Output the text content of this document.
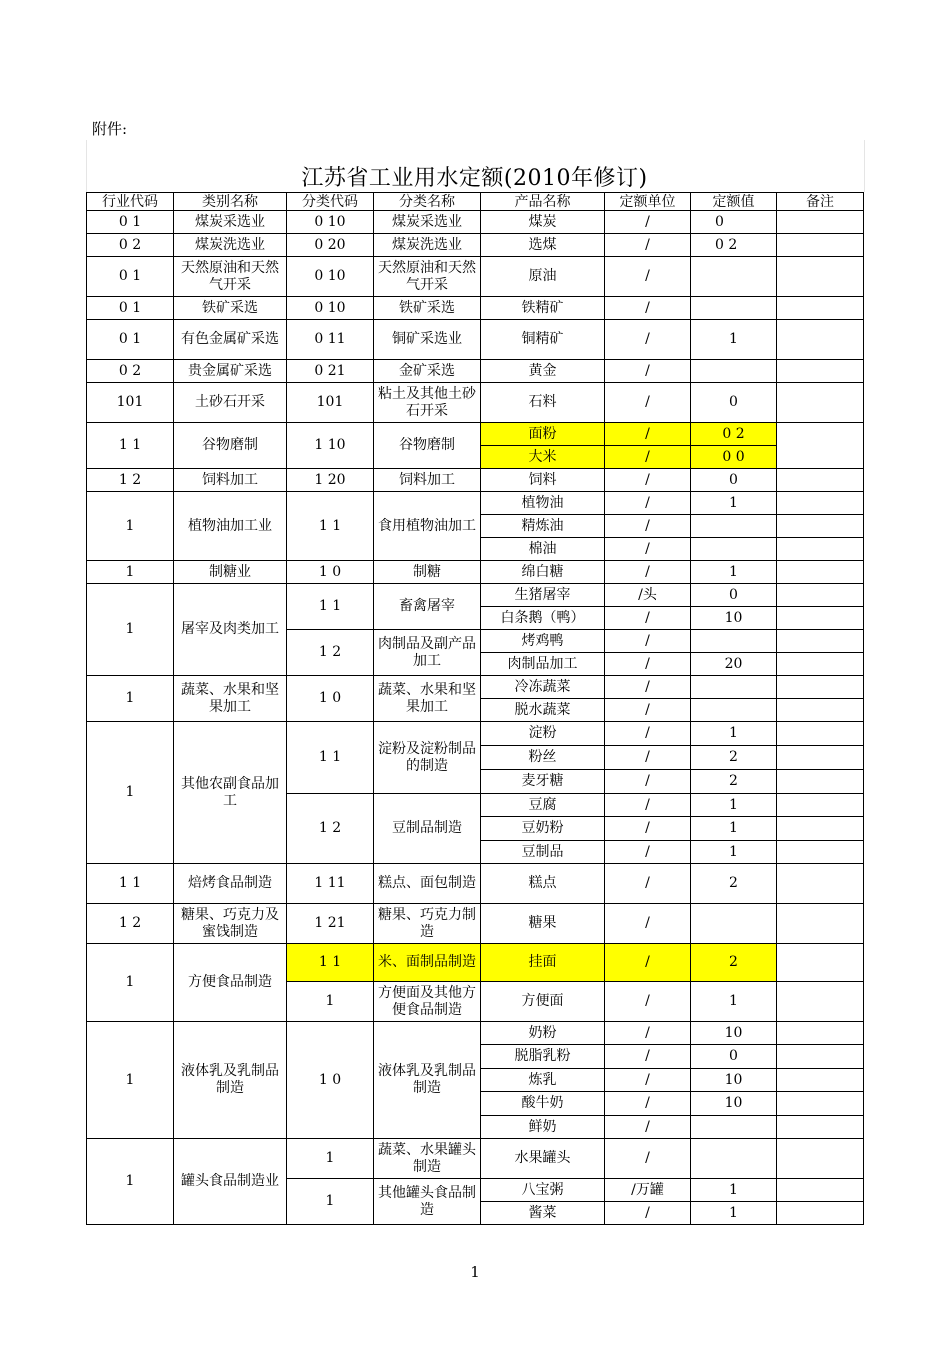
附件:
江苏省工业用水定额(2010年修订)
行业代码	类别名称	分类代码	分类名称	产品名称	定额单位	定额值	备注
0 1	煤炭采选业	0 10	煤炭采选业	煤炭	/	0	
0 2	煤炭洗选业	0 20	煤炭洗选业	选煤	/	0 2	
0 1	天然原油和天然气开采	0 10	天然原油和天然气开采	原油	/		
0 1	铁矿采选	0 10	铁矿采选	铁精矿	/		
0 1	有色金属矿采选	0 11	铜矿采选业	铜精矿	/	1	
0 2	贵金属矿采选	0 21	金矿采选	黄金	/		
101	土砂石开采	101	粘土及其他土砂石开采	石料	/	0	
1 1	谷物磨制	1 10	谷物磨制	面粉	/	0 2	
				大米	/	0 0	
1 2	饲料加工	1 20	饲料加工	饲料	/	0	
1	植物油加工业	1 1	食用植物油加工	植物油	/	1	
				精炼油	/		
				棉油	/		
1	制糖业	1 0	制糖	绵白糖	/	1	
1	屠宰及肉类加工	1 1	畜禽屠宰	生猪屠宰	/头	0	
				白条鹅（鸭）	/	10	
		1 2	肉制品及副产品加工	烤鸡鸭	/		
				肉制品加工	/	20	
1	蔬菜、水果和坚果加工	1 0	蔬菜、水果和坚果加工	冷冻蔬菜	/		
				脱水蔬菜	/		
1	其他农副食品加工	1 1	淀粉及淀粉制品的制造	淀粉	/	1	
				粉丝	/	2	
				麦牙糖	/	2	
		1 2	豆制品制造	豆腐	/	1	
				豆奶粉	/	1	
				豆制品	/	1	
1 1	焙烤食品制造	1 11	糕点、面包制造	糕点	/	2	
1 2	糖果、巧克力及蜜饯制造	1 21	糖果、巧克力制造	糖果	/		
1	方便食品制造	1 1	米、面制品制造	挂面	/	2	
		1	方便面及其他方便食品制造	方便面	/	1	
1	液体乳及乳制品制造	1 0	液体乳及乳制品制造	奶粉	/	10	
				脱脂乳粉	/	0	
				炼乳	/	10	
				酸牛奶	/	10	
				鲜奶	/		
1	罐头食品制造业	1	蔬菜、水果罐头制造	水果罐头	/		
		1	其他罐头食品制造	八宝粥	/万罐	1	
				酱菜	/	1	
1
